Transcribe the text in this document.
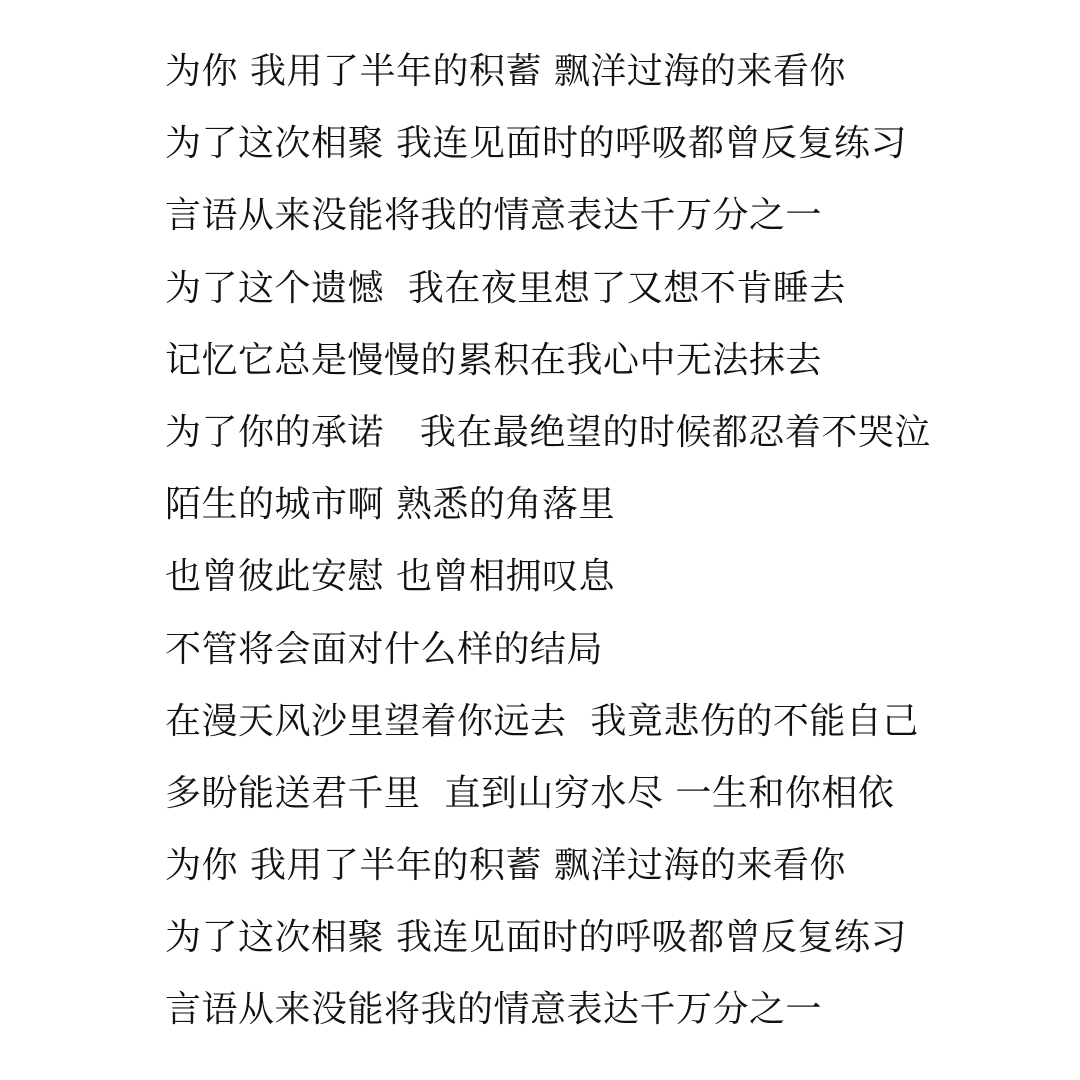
为你 我用了半年的积蓄 飘洋过海的来看你
为了这次相聚 我连见面时的呼吸都曾反复练习
言语从来没能将我的情意表达千万分之一
为了这个遗憾  我在夜里想了又想不肯睡去
记忆它总是慢慢的累积在我心中无法抹去
为了你的承诺   我在最绝望的时候都忍着不哭泣
陌生的城市啊 熟悉的角落里
也曾彼此安慰 也曾相拥叹息
不管将会面对什么样的结局
在漫天风沙里望着你远去  我竟悲伤的不能自己
多盼能送君千里  直到山穷水尽 一生和你相依
为你 我用了半年的积蓄 飘洋过海的来看你
为了这次相聚 我连见面时的呼吸都曾反复练习
言语从来没能将我的情意表达千万分之一
